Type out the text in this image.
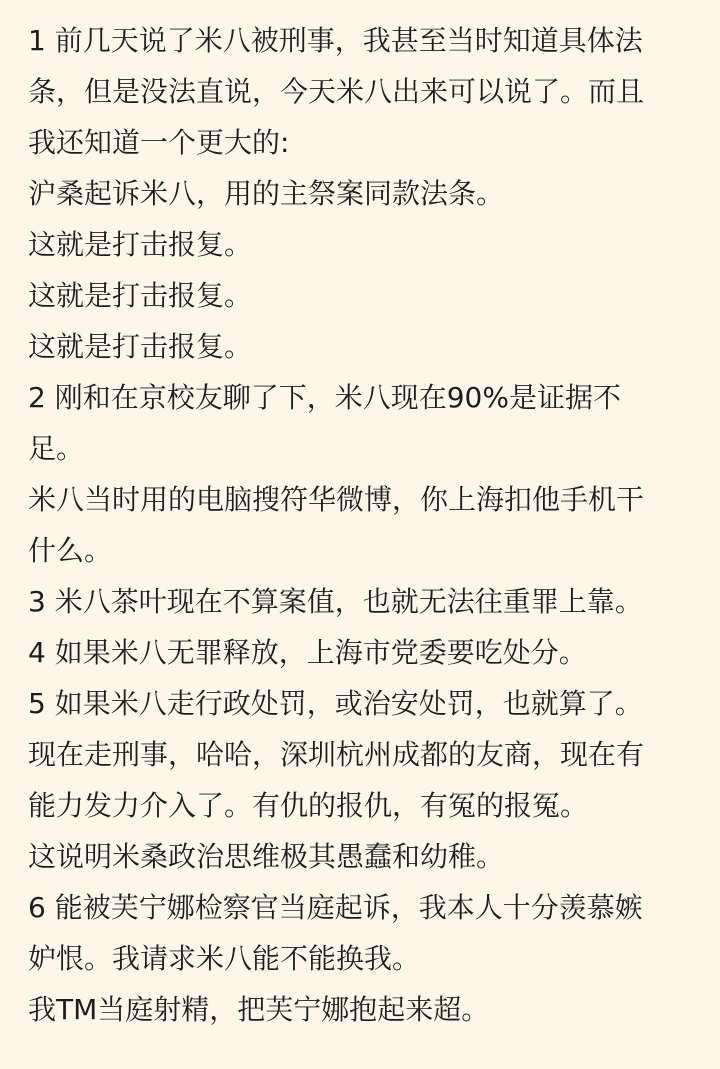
1 前几天说了米八被刑事，我甚至当时知道具体法
条，但是没法直说，今天米八出来可以说了。而且
我还知道一个更大的:
沪桑起诉米八，用的主祭案同款法条。
这就是打击报复。
这就是打击报复。
这就是打击报复。
2 刚和在京校友聊了下，米八现在90%是证据不
足。
米八当时用的电脑搜符华微博，你上海扣他手机干
什么。
3 米八茶叶现在不算案值，也就无法往重罪上靠。
4 如果米八无罪释放，上海市党委要吃处分。
5 如果米八走行政处罚，或治安处罚，也就算了。
现在走刑事，哈哈，深圳杭州成都的友商，现在有
能力发力介入了。有仇的报仇，有冤的报冤。
这说明米桑政治思维极其愚蠢和幼稚。
6 能被芙宁娜检察官当庭起诉，我本人十分羡慕嫉
妒恨。我请求米八能不能换我。
我TM当庭射精，把芙宁娜抱起来超。
